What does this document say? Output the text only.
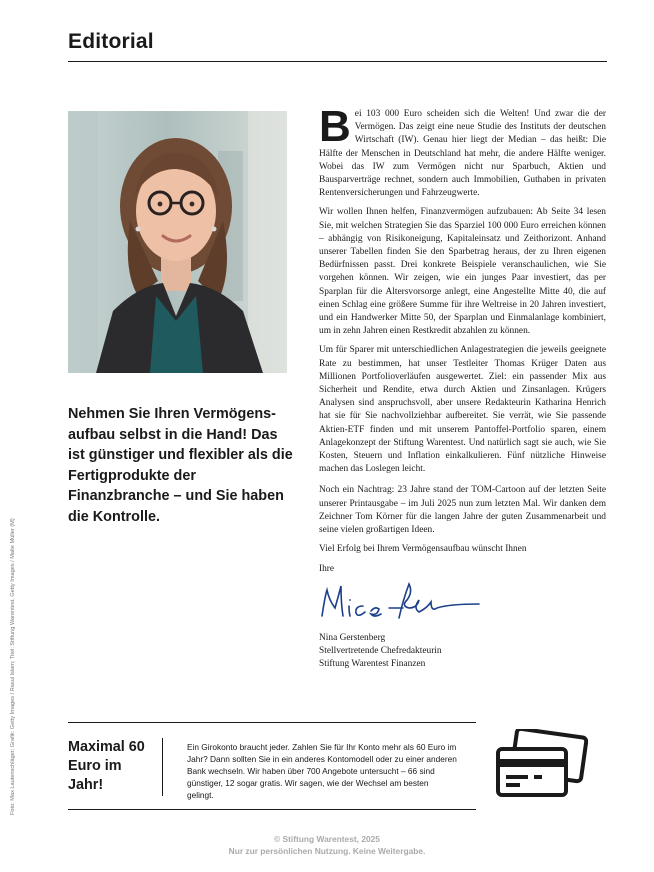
Editorial
Nehmen Sie Ihren Vermögensaufbau selbst in die Hand! Das ist günstiger und flexibler als die Fertigprodukte der Finanzbranche – und Sie haben die Kontrolle.

Bei 103 000 Euro scheiden sich die Welten! Und zwar die der Vermögen. Das zeigt eine neue Studie des Instituts der deutschen Wirtschaft (IW). Genau hier liegt der Median – das heißt: Die Hälfte der Menschen in Deutschland hat mehr, die andere Hälfte weniger. Wobei das IW zum Vermögen nicht nur Sparbuch, Aktien und Bausparverträge rechnet, sondern auch Immobilien, Guthaben in privaten Rentenversicherungen und Fahrzeugwerte.

Wir wollen Ihnen helfen, Finanzvermögen aufzubauen: Ab Seite 34 lesen Sie, mit welchen Strategien Sie das Sparziel 100 000 Euro erreichen können – abhängig von Risikoneigung, Kapitaleinsatz und Zeithorizont. Anhand unserer Tabellen finden Sie den Sparbetrag heraus, der zu Ihren eigenen Bedürfnissen passt. Drei konkrete Beispiele veranschaulichen, wie Sie vorgehen können. Wir zeigen, wie ein junges Paar investiert, das per Sparplan für die Altersvorsorge anlegt, eine Angestellte Mitte 40, die auf einen Schlag eine größere Summe für ihre Weltreise in 20 Jahren investiert, und ein Handwerker Mitte 50, der Sparplan und Einmalanlage kombiniert, um in zehn Jahren einen Restkredit abzahlen zu können.

Um für Sparer mit unterschiedlichen Anlagestrategien die jeweils geeignete Rate zu bestimmen, hat unser Testleiter Thomas Krüger Daten aus Millionen Portfolioverläufen ausgewertet. Ziel: ein passender Mix aus Sicherheit und Rendite, etwa durch Aktien und Zinsanlagen. Krügers Analysen sind anspruchsvoll, aber unsere Redakteurin Katharina Henrich hat sie für Sie nachvollziehbar aufbereitet. Sie verrät, wie Sie passende Aktien-ETF finden und mit unserem Pantoffel-Portfolio sparen, einem Anlagekonzept der Stiftung Warentest. Und natürlich sagt sie auch, wie Sie Kosten, Steuern und Inflation einkalkulieren. Fünf nützliche Hinweise machen das Loslegen leicht.

Noch ein Nachtrag: 23 Jahre stand der TOM-Cartoon auf der letzten Seite unserer Printausgabe – im Juli 2025 nun zum letzten Mal. Wir danken dem Zeichner Tom Körner für die langen Jahre der guten Zusammenarbeit und seine vielen großartigen Ideen.

Viel Erfolg bei Ihrem Vermögensaufbau wünscht Ihnen

Ihre
Nina Gerstenberg
Stellvertretende Chefredakteurin
Stiftung Warentest Finanzen
Foto: Max Lautenschläger; Grafik: Getty Images / Rasul Islam; Titel: Stiftung Warentest, Getty Images / Malte Müller (M)	Maximal 60 Euro im Jahr!
Ein Girokonto braucht jeder. Zahlen Sie für Ihr Konto mehr als 60 Euro im Jahr? Dann sollten Sie in ein anderes Kontomodell oder zu einer anderen Bank wechseln. Wir haben über 700 Angebote untersucht – 66 sind günstiger, 12 sogar gratis. Wir sagen, wie der Wechsel am besten gelingt.
© Stiftung Warentest, 2025
Nur zur persönlichen Nutzung. Keine Weitergabe.
